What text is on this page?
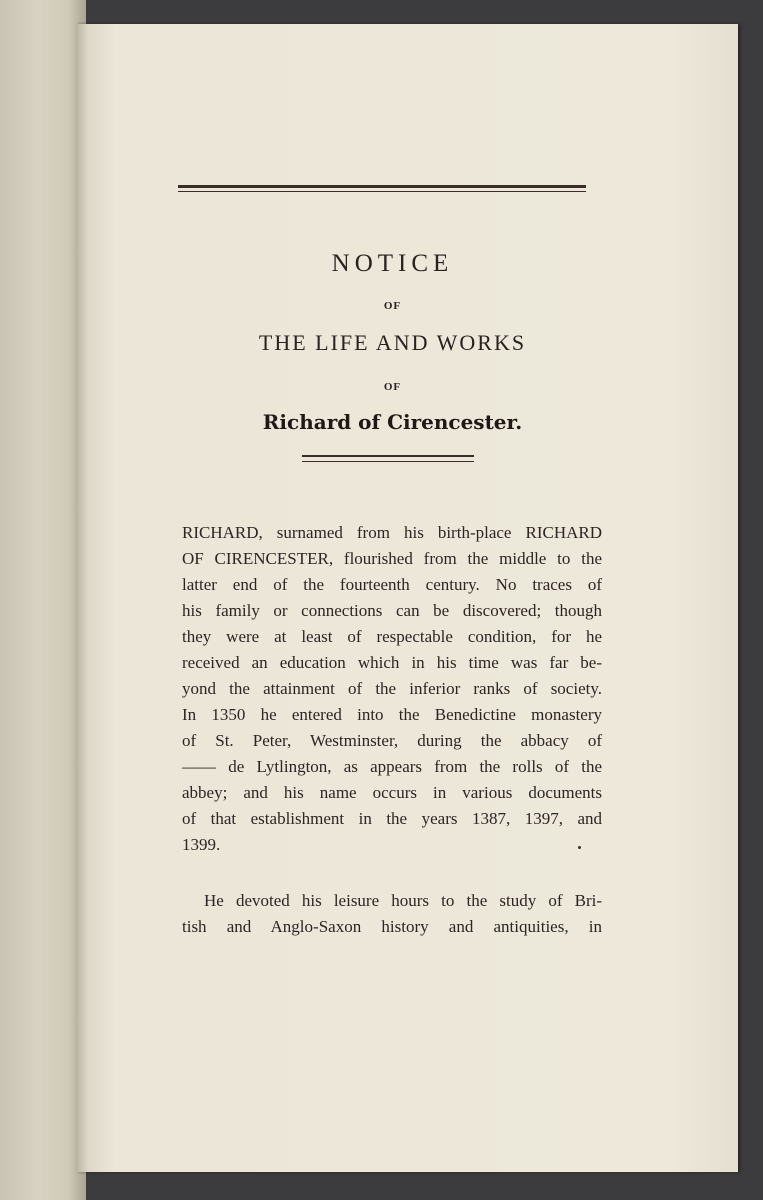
NOTICE
OF
THE LIFE AND WORKS
OF
Richard of Cirencester.
RICHARD, surnamed from his birth-place RICHARD
OF CIRENCESTER, flourished from the middle to the
latter end of the fourteenth century. No traces of
his family or connections can be discovered; though
they were at least of respectable condition, for he
received an education which in his time was far be-
yond the attainment of the inferior ranks of society.
In 1350 he entered into the Benedictine monastery
of St. Peter, Westminster, during the abbacy of
—— de Lytlington, as appears from the rolls of the
abbey; and his name occurs in various documents
of that establishment in the years 1387, 1397, and
1399.
He devoted his leisure hours to the study of Bri-
tish and Anglo-Saxon history and antiquities, in
